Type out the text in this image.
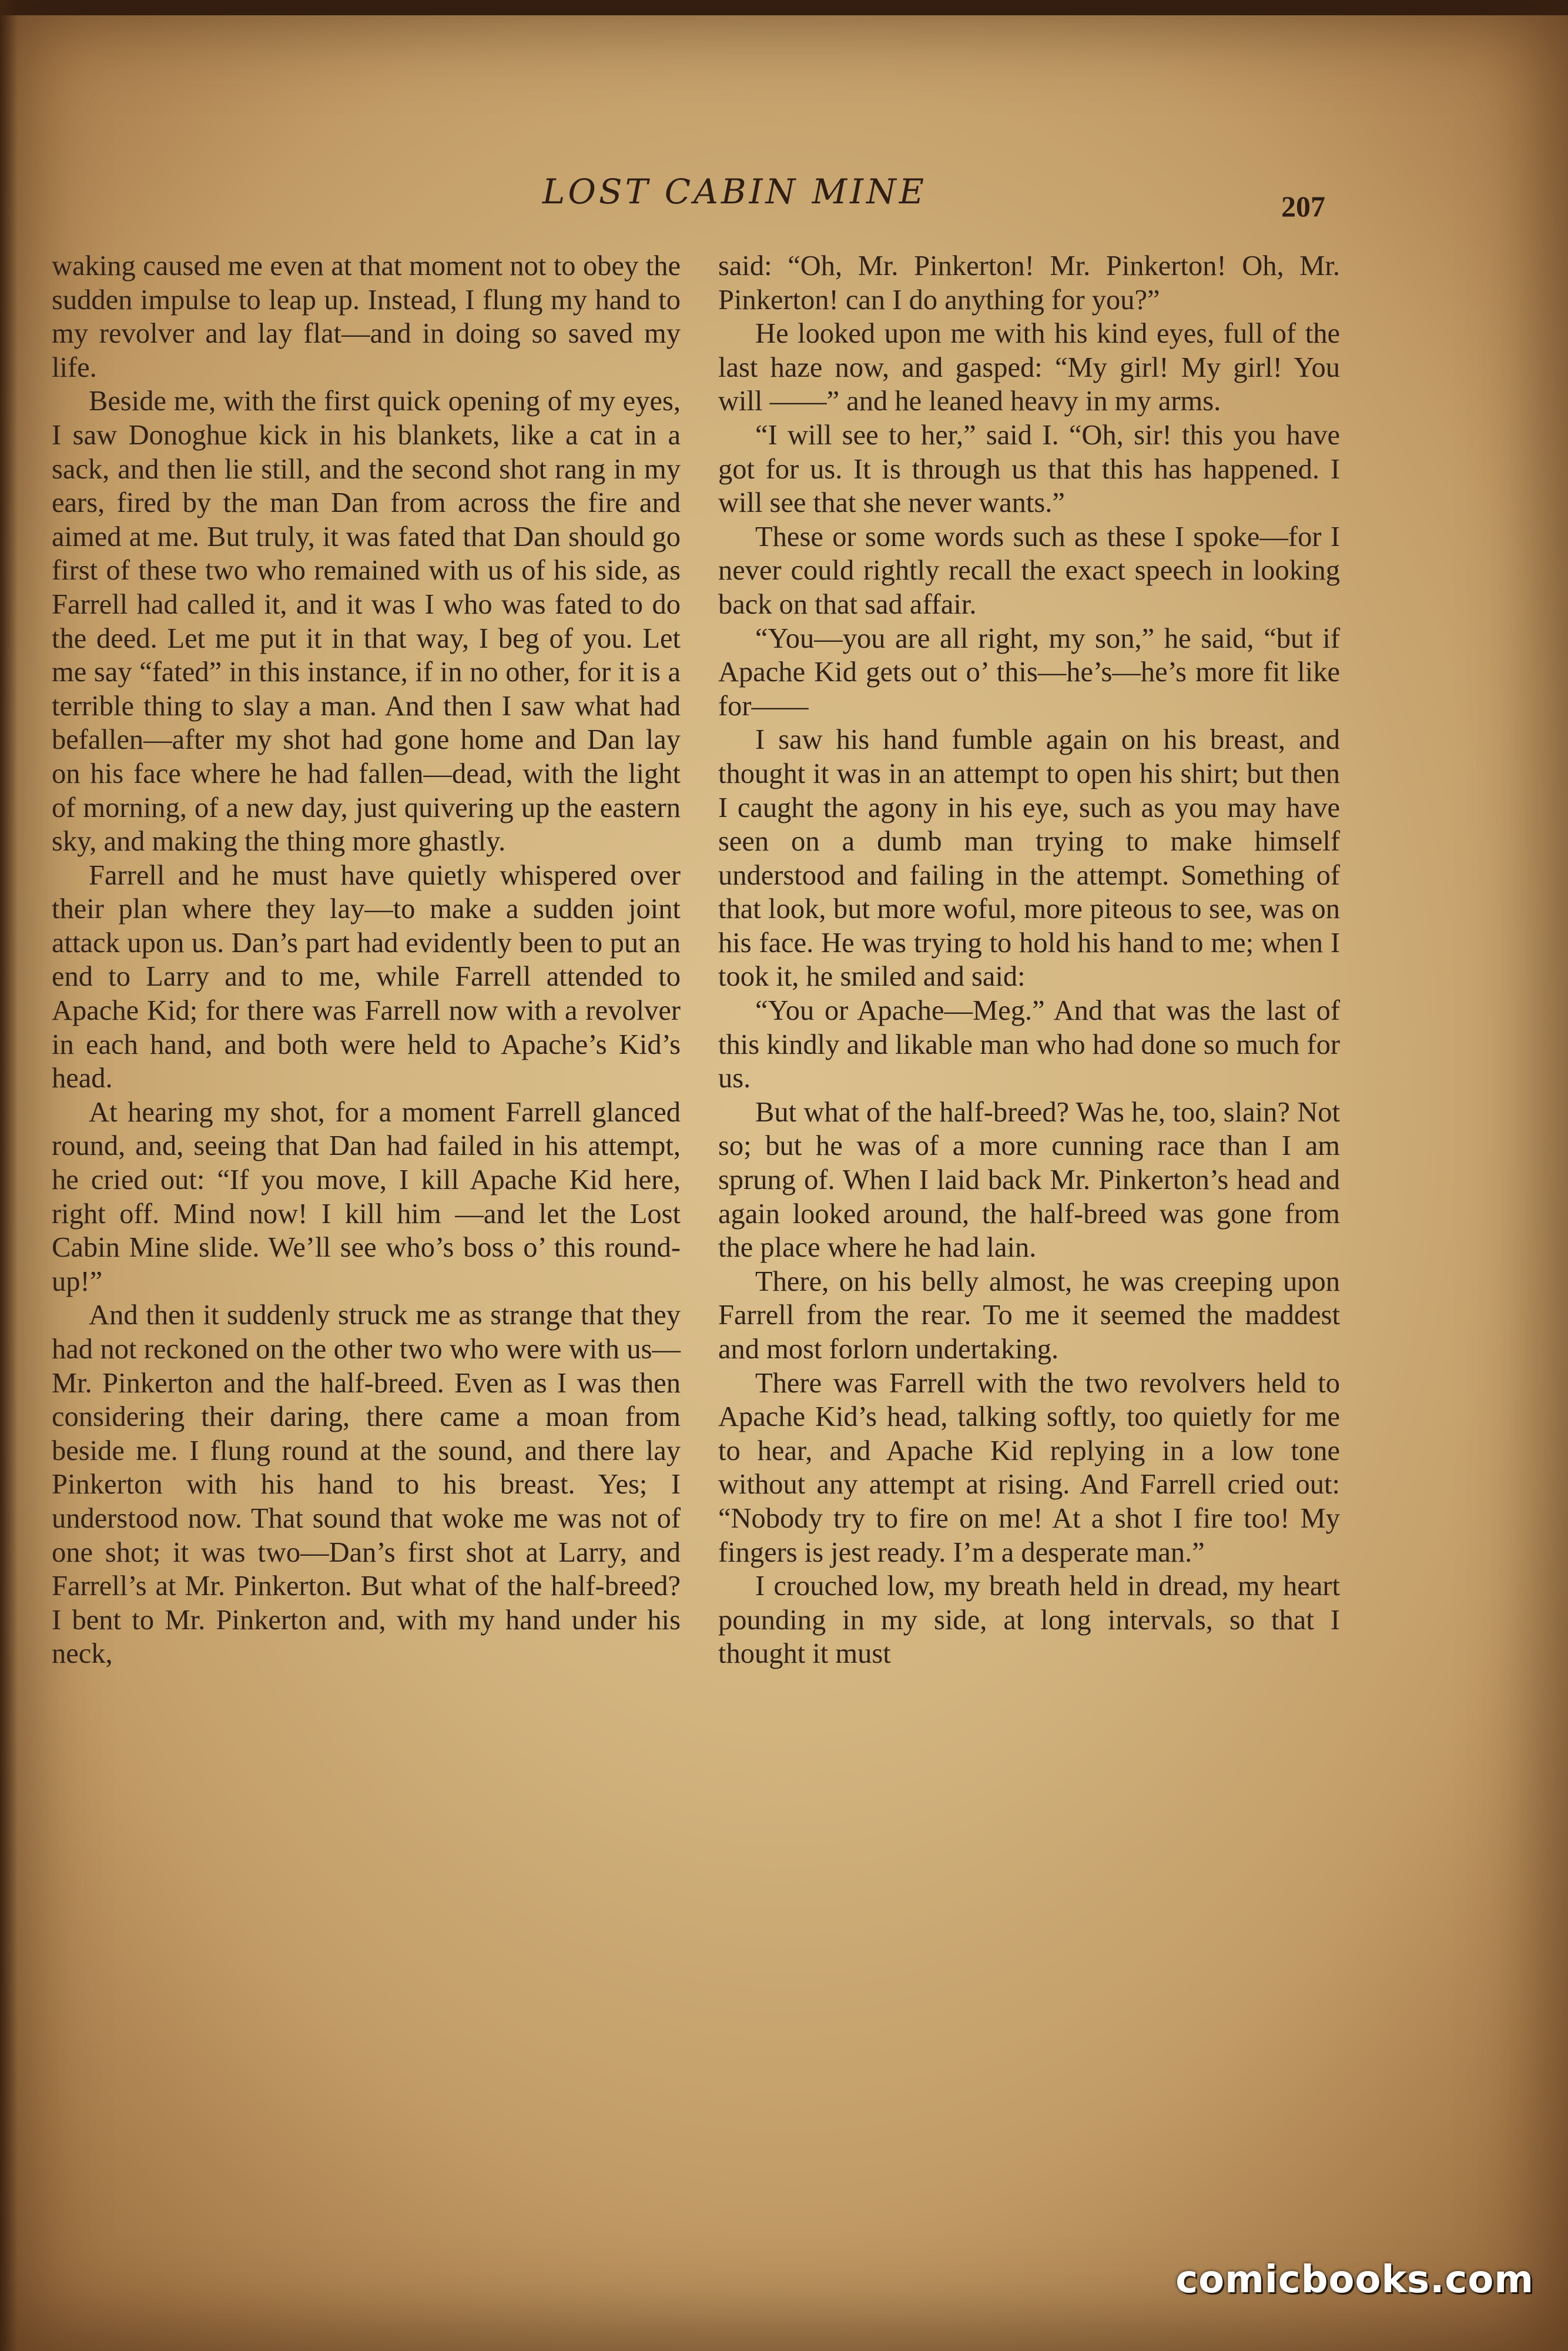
LOST CABIN MINE	207

waking caused me even at that moment not to obey the sudden impulse to leap up. Instead, I flung my hand to my revolver and lay flat—and in doing so saved my life.

Beside me, with the first quick opening of my eyes, I saw Donoghue kick in his blankets, like a cat in a sack, and then lie still, and the second shot rang in my ears, fired by the man Dan from across the fire and aimed at me. But truly, it was fated that Dan should go first of these two who remained with us of his side, as Farrell had called it, and it was I who was fated to do the deed. Let me put it in that way, I beg of you. Let me say “fated” in this instance, if in no other, for it is a terrible thing to slay a man. And then I saw what had befallen—after my shot had gone home and Dan lay on his face where he had fallen—dead, with the light of morning, of a new day, just quivering up the eastern sky, and making the thing more ghastly.

Farrell and he must have quietly whispered over their plan where they lay—to make a sudden joint attack upon us. Dan’s part had evidently been to put an end to Larry and to me, while Farrell attended to Apache Kid; for there was Farrell now with a revolver in each hand, and both were held to Apache’s Kid’s head.

At hearing my shot, for a moment Farrell glanced round, and, seeing that Dan had failed in his attempt, he cried out: “If you move, I kill Apache Kid here, right off. Mind now! I kill him —and let the Lost Cabin Mine slide. We’ll see who’s boss o’ this round-up!”

And then it suddenly struck me as strange that they had not reckoned on the other two who were with us—Mr. Pinkerton and the half-breed. Even as I was then considering their daring, there came a moan from beside me. I flung round at the sound, and there lay Pinkerton with his hand to his breast. Yes; I understood now. That sound that woke me was not of one shot; it was two—Dan’s first shot at Larry, and Farrell’s at Mr. Pinkerton. But what of the half-breed? I bent to Mr. Pinkerton and, with my hand under his neck,

said: “Oh, Mr. Pinkerton! Mr. Pinkerton! Oh, Mr. Pinkerton! can I do anything for you?”

He looked upon me with his kind eyes, full of the last haze now, and gasped: “My girl! My girl! You will ——” and he leaned heavy in my arms.

“I will see to her,” said I. “Oh, sir! this you have got for us. It is through us that this has happened. I will see that she never wants.”

These or some words such as these I spoke—for I never could rightly recall the exact speech in looking back on that sad affair.

“You—you are all right, my son,” he said, “but if Apache Kid gets out o’ this—he’s—he’s more fit like for——

I saw his hand fumble again on his breast, and thought it was in an attempt to open his shirt; but then I caught the agony in his eye, such as you may have seen on a dumb man trying to make himself understood and failing in the attempt. Something of that look, but more woful, more piteous to see, was on his face. He was trying to hold his hand to me; when I took it, he smiled and said:

“You or Apache—Meg.” And that was the last of this kindly and likable man who had done so much for us.

But what of the half-breed? Was he, too, slain? Not so; but he was of a more cunning race than I am sprung of. When I laid back Mr. Pinkerton’s head and again looked around, the half-breed was gone from the place where he had lain.

There, on his belly almost, he was creeping upon Farrell from the rear. To me it seemed the maddest and most forlorn undertaking.

There was Farrell with the two revolvers held to Apache Kid’s head, talking softly, too quietly for me to hear, and Apache Kid replying in a low tone without any attempt at rising. And Farrell cried out: “Nobody try to fire on me! At a shot I fire too! My fingers is jest ready. I’m a desperate man.”

I crouched low, my breath held in dread, my heart pounding in my side, at long intervals, so that I thought it must

comicbooks.com
